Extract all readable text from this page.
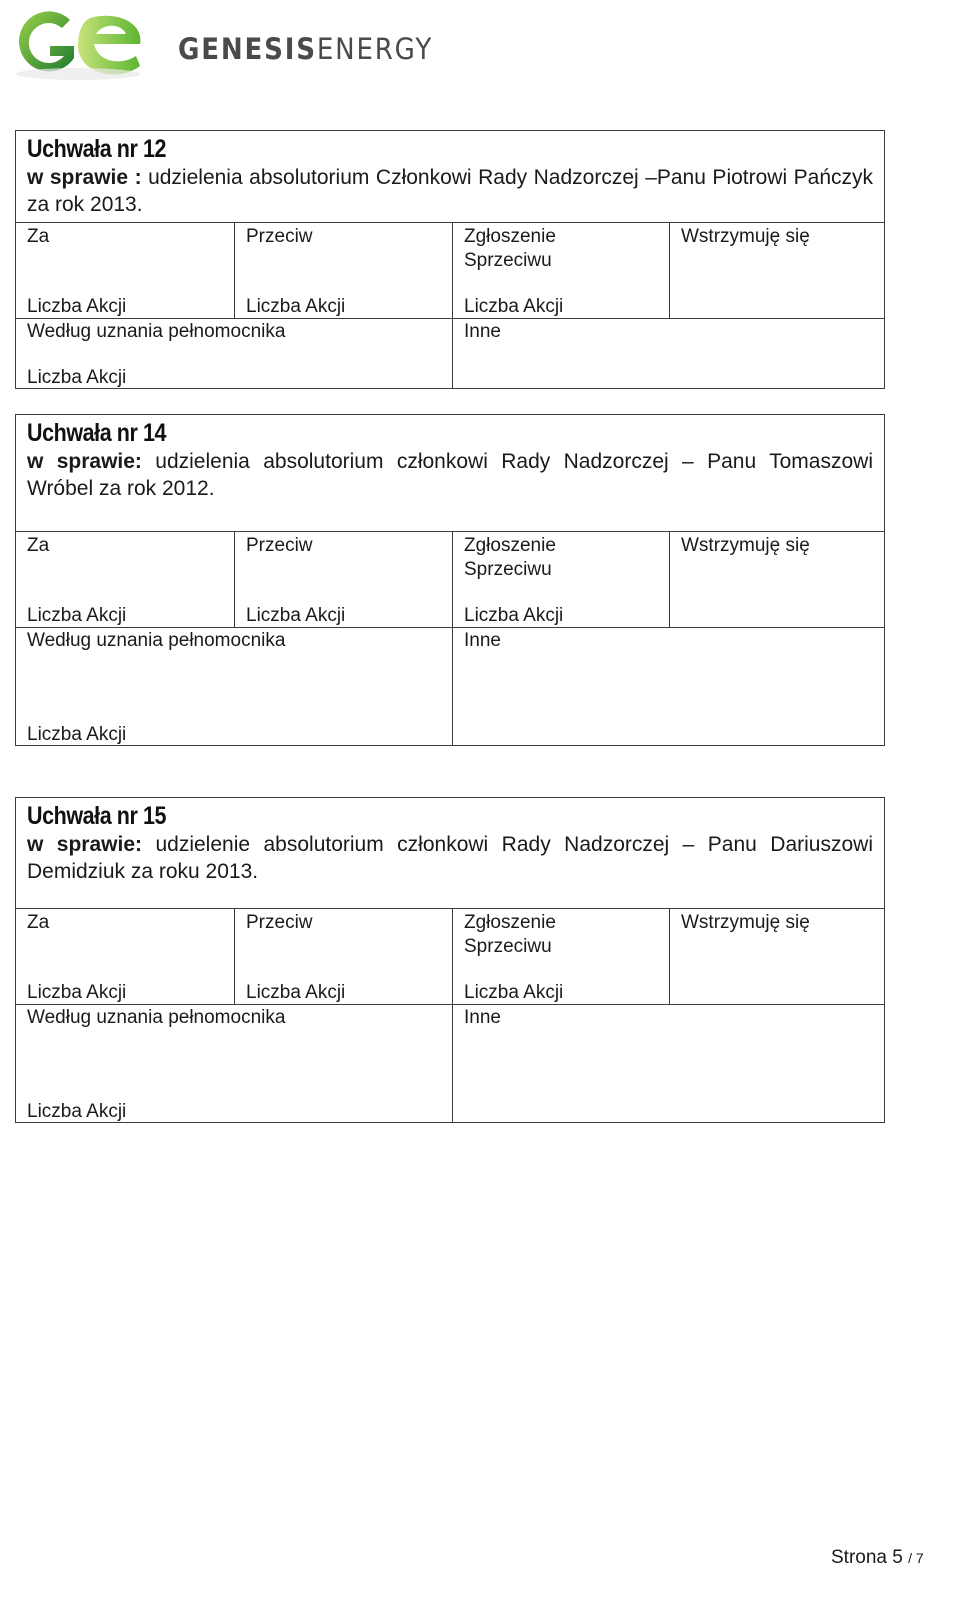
GENESISENERGY
Uchwała nr 12
w sprawie : udzielenia absolutorium Członkowi Rady Nadzorczej –Panu Piotrowi Pańczyk za rok 2013.
Za
Liczba Akcji
Przeciw
Liczba Akcji
Zgłoszenie Sprzeciwu
Liczba Akcji
Wstrzymuję się
Według uznania pełnomocnika
Liczba Akcji
Inne
Uchwała nr 14
w sprawie: udzielenia absolutorium członkowi Rady Nadzorczej – Panu Tomaszowi Wróbel za rok 2012.
Za
Liczba Akcji
Przeciw
Liczba Akcji
Zgłoszenie Sprzeciwu
Liczba Akcji
Wstrzymuję się
Według uznania pełnomocnika
Liczba Akcji
Inne
Uchwała nr 15
w sprawie: udzielenie absolutorium członkowi Rady Nadzorczej – Panu Dariuszowi Demidziuk za roku 2013.
Za
Liczba Akcji
Przeciw
Liczba Akcji
Zgłoszenie Sprzeciwu
Liczba Akcji
Wstrzymuję się
Według uznania pełnomocnika
Liczba Akcji
Inne
Strona 5 / 7
